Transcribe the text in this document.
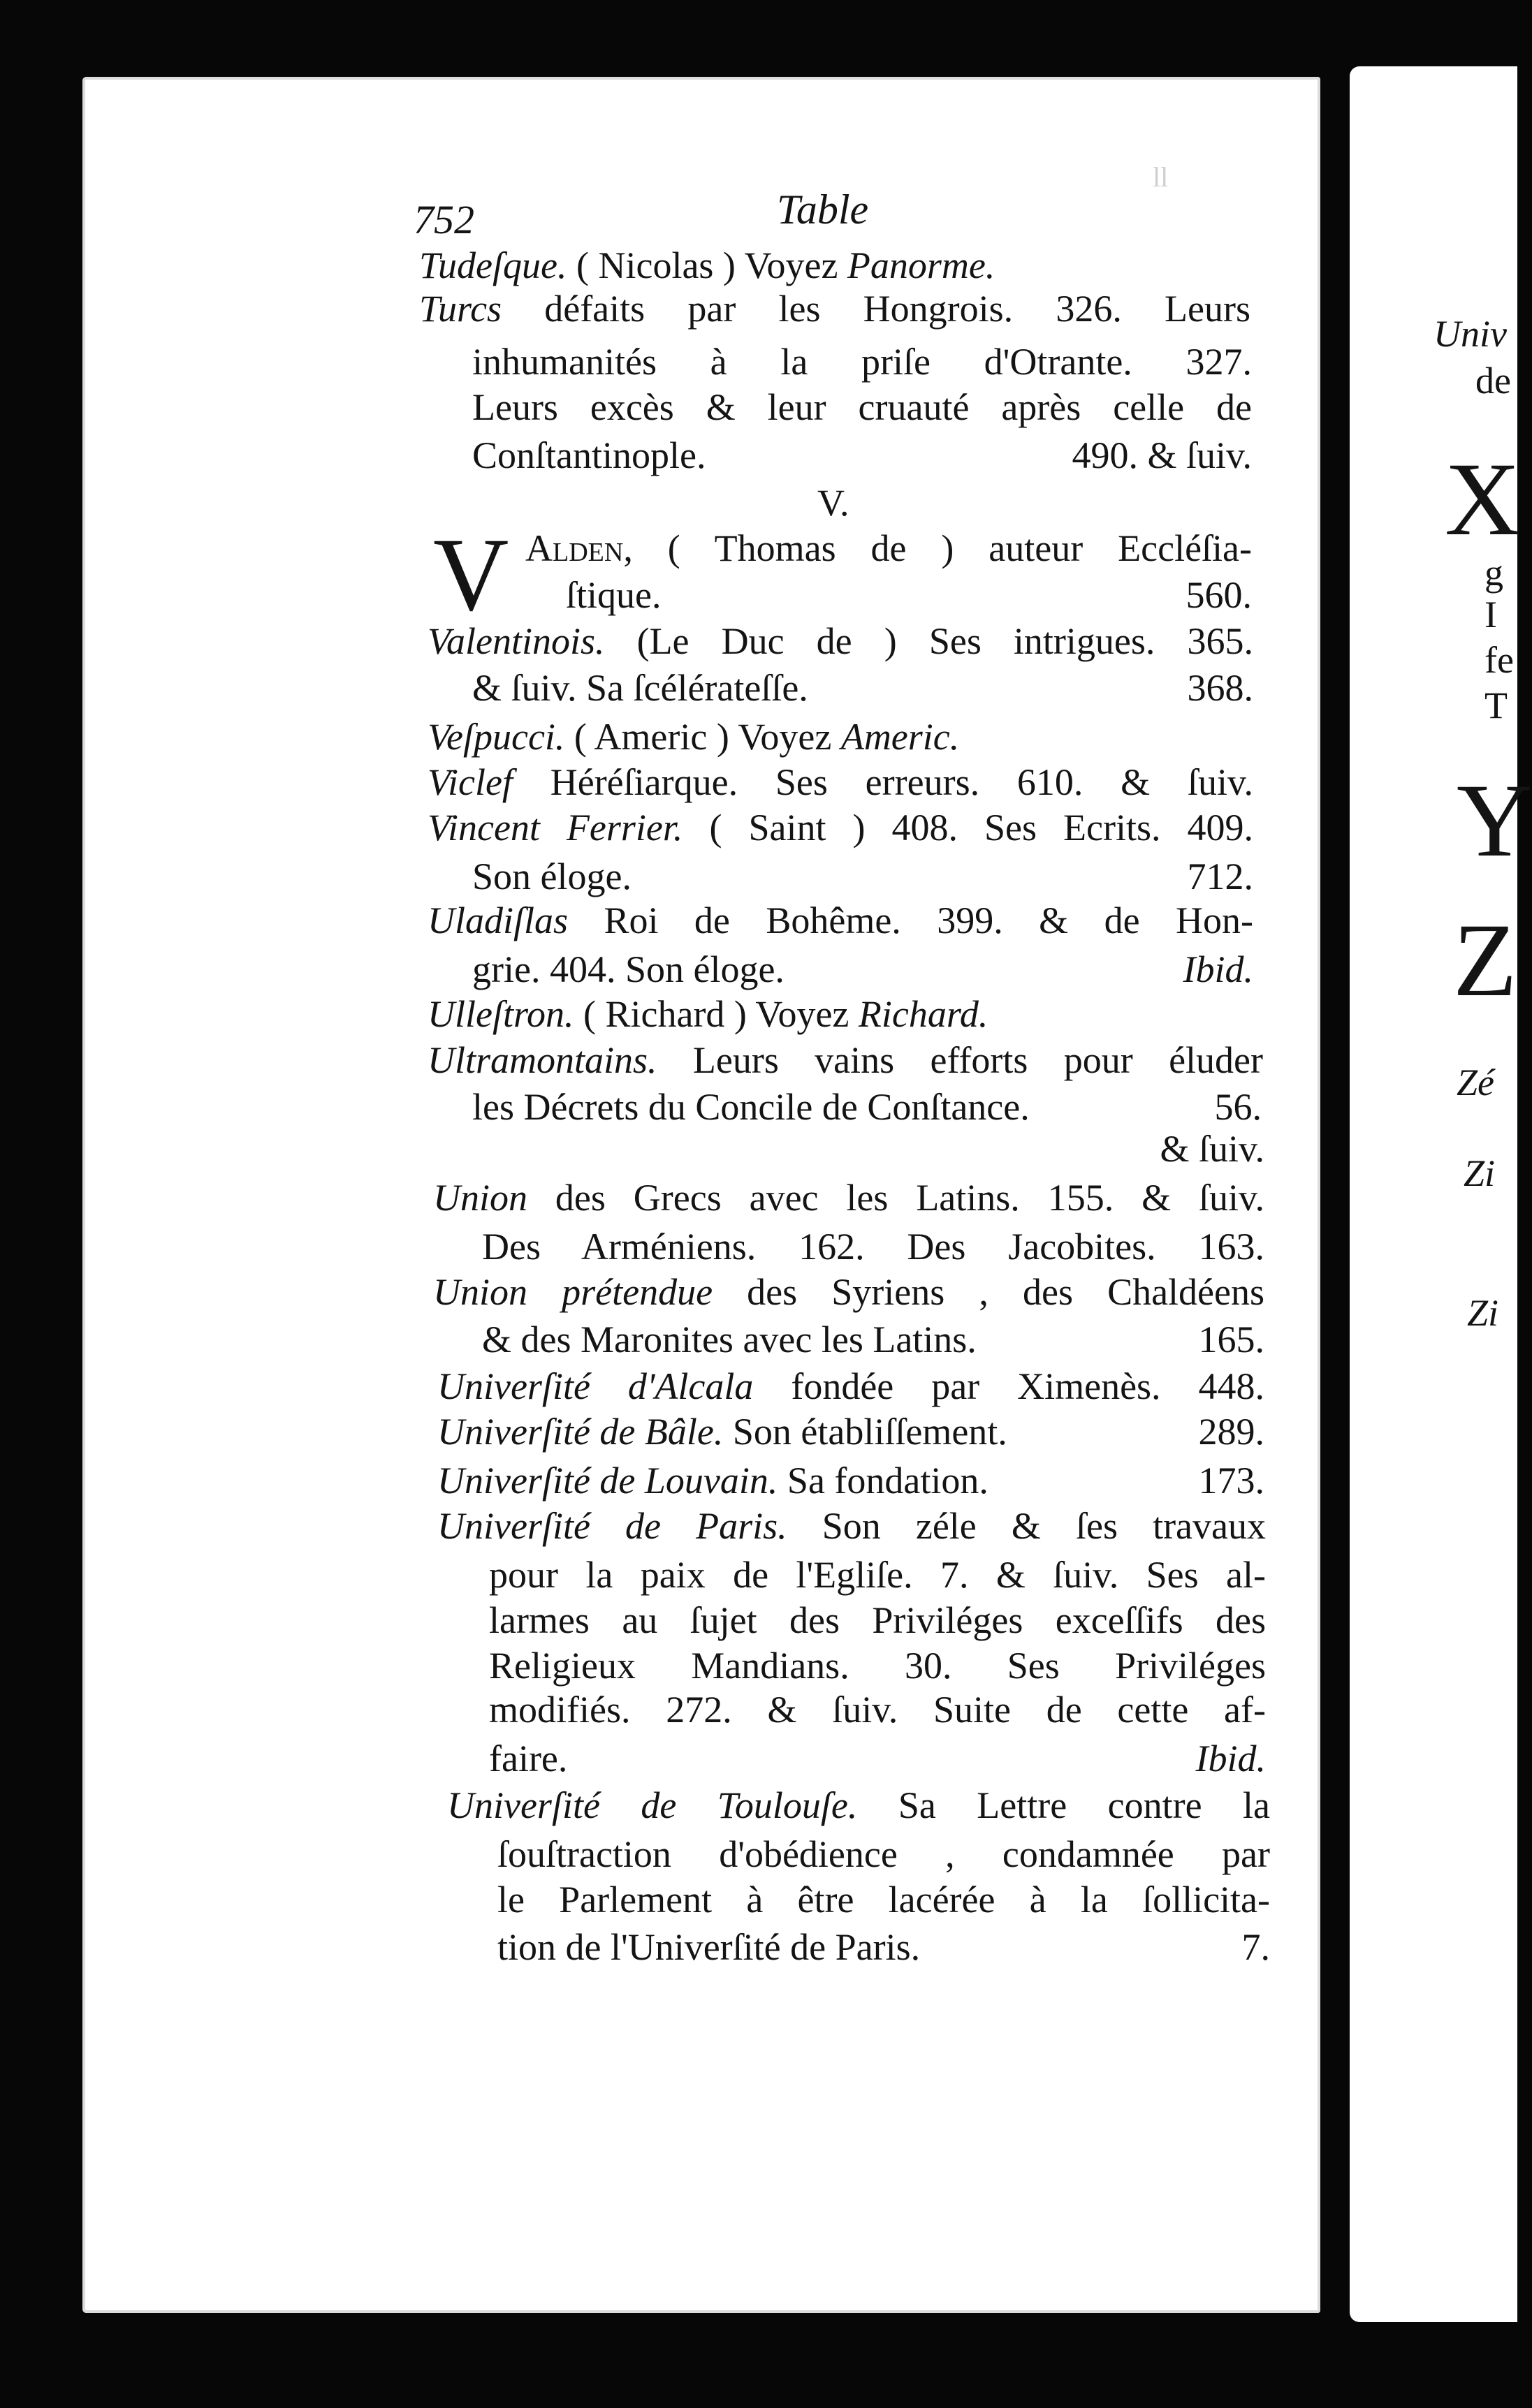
ll
752	Table
Tudeſque. ( Nicolas ) Voyez Panorme.
Turcs défaits par les Hongrois. 326. Leurs
inhumanités à la priſe d'Otrante. 327.
Leurs excès & leur cruauté après celle de
Conſtantinople.	490. & ſuiv.
V.
V Alden, ( Thomas de ) auteur Eccléſia-
ſtique.	560.
Valentinois. (Le Duc de ) Ses intrigues. 365.
& ſuiv. Sa ſcélérateſſe.	368.
Veſpucci. ( Americ ) Voyez Americ.
Viclef Héréſiarque. Ses erreurs. 610. & ſuiv.
Vincent Ferrier. ( Saint ) 408. Ses Ecrits. 409.
Son éloge.	712.
Uladiſlas Roi de Bohême. 399. & de Hon-
grie. 404. Son éloge.	Ibid.
Ulleſtron. ( Richard ) Voyez Richard.
Ultramontains. Leurs vains efforts pour éluder
les Décrets du Concile de Conſtance.	56.
& ſuiv.
Union des Grecs avec les Latins. 155. & ſuiv.
Des Arméniens. 162. Des Jacobites. 163.
Union prétendue des Syriens , des Chaldéens
& des Maronites avec les Latins.	165.
Univerſité d'Alcala fondée par Ximenès. 448.
Univerſité de Bâle. Son établiſſement.	289.
Univerſité de Louvain. Sa fondation.	173.
Univerſité de Paris. Son zéle & ſes travaux
pour la paix de l'Egliſe. 7. & ſuiv. Ses al-
larmes au ſujet des Priviléges exceſſifs des
Religieux Mandians. 30. Ses Priviléges
modifiés. 272. & ſuiv. Suite de cette af-
faire.	Ibid.
Univerſité de Toulouſe. Sa Lettre contre la
ſouſtraction d'obédience , condamnée par
le Parlement à être lacérée à la ſollicita-
tion de l'Univerſité de Paris.	7.
Univ
de
X
g
I
fe
T
Y
Z
Zé
Zi
Zi
